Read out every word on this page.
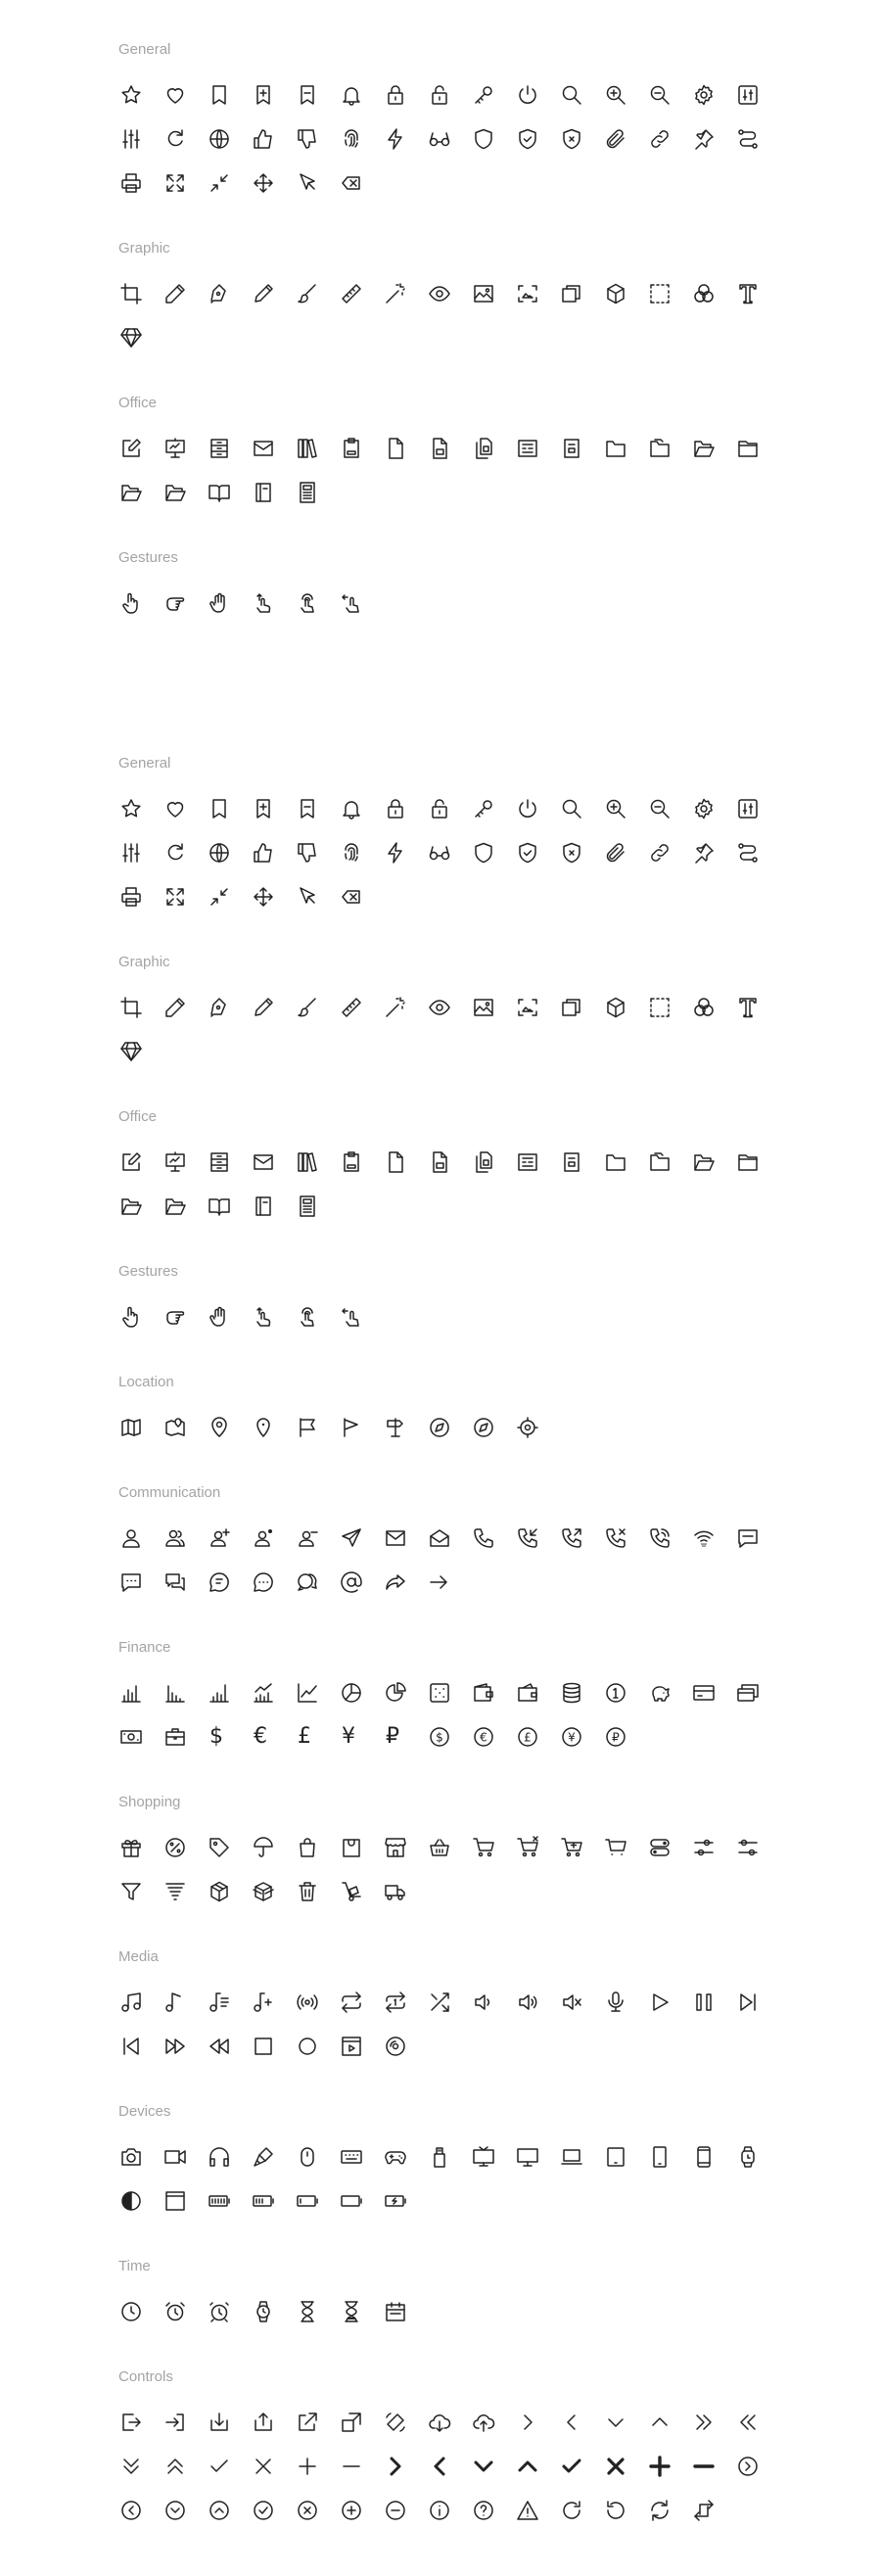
General
Graphic
Office
Gestures
General
Graphic
Office
Gestures
Location
Communication
Finance
$ € £ ¥ ₽	$	€	£	¥	₽
Shopping
Media
Devices
Time
Controls
